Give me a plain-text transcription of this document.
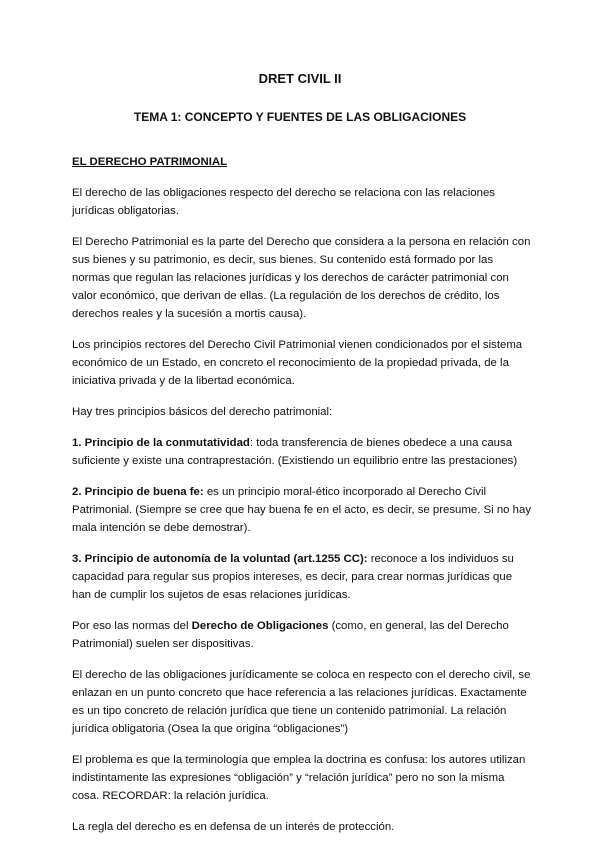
DRET CIVIL II
TEMA 1: CONCEPTO Y FUENTES DE LAS OBLIGACIONES
EL DERECHO PATRIMONIAL

El derecho de las obligaciones respecto del derecho se relaciona con las relaciones jurídicas obligatorias.

El Derecho Patrimonial es la parte del Derecho que considera a la persona en relación con sus bienes y su patrimonio, es decir, sus bienes. Su contenido está formado por las normas que regulan las relaciones jurídicas y los derechos de carácter patrimonial con valor económico, que derivan de ellas. (La regulación de los derechos de crédito, los derechos reales y la sucesión a mortis causa).

Los principios rectores del Derecho Civil Patrimonial vienen condicionados por el sistema económico de un Estado, en concreto el reconocimiento de la propiedad privada, de la iniciativa privada y de la libertad económica.

Hay tres principios básicos del derecho patrimonial:

1. Principio de la conmutatividad: toda transferencia de bienes obedece a una causa suficiente y existe una contraprestación. (Existiendo un equilibrio entre las prestaciones)

2. Principio de buena fe: es un principio moral-ético incorporado al Derecho Civil Patrimonial. (Siempre se cree que hay buena fe en el acto, es decir, se presume. Si no hay mala intención se debe demostrar).

3. Principio de autonomía de la voluntad (art.1255 CC): reconoce a los individuos su capacidad para regular sus propios intereses, es decir, para crear normas jurídicas que han de cumplir los sujetos de esas relaciones jurídicas.

Por eso las normas del Derecho de Obligaciones (como, en general, las del Derecho Patrimonial) suelen ser dispositivas.

El derecho de las obligaciones jurídicamente se coloca en respecto con el derecho civil, se enlazan en un punto concreto que hace referencia a las relaciones jurídicas. Exactamente es un tipo concreto de relación jurídica que tiene un contenido patrimonial. La relación jurídica obligatoria (Osea la que origina “obligaciones”)

El problema es que la terminología que emplea la doctrina es confusa: los autores utilizan indistintamente las expresiones “obligación” y “relación jurídica” pero no son la misma cosa. RECORDAR: la relación jurídica.

La regla del derecho es en defensa de un interés de protección.
